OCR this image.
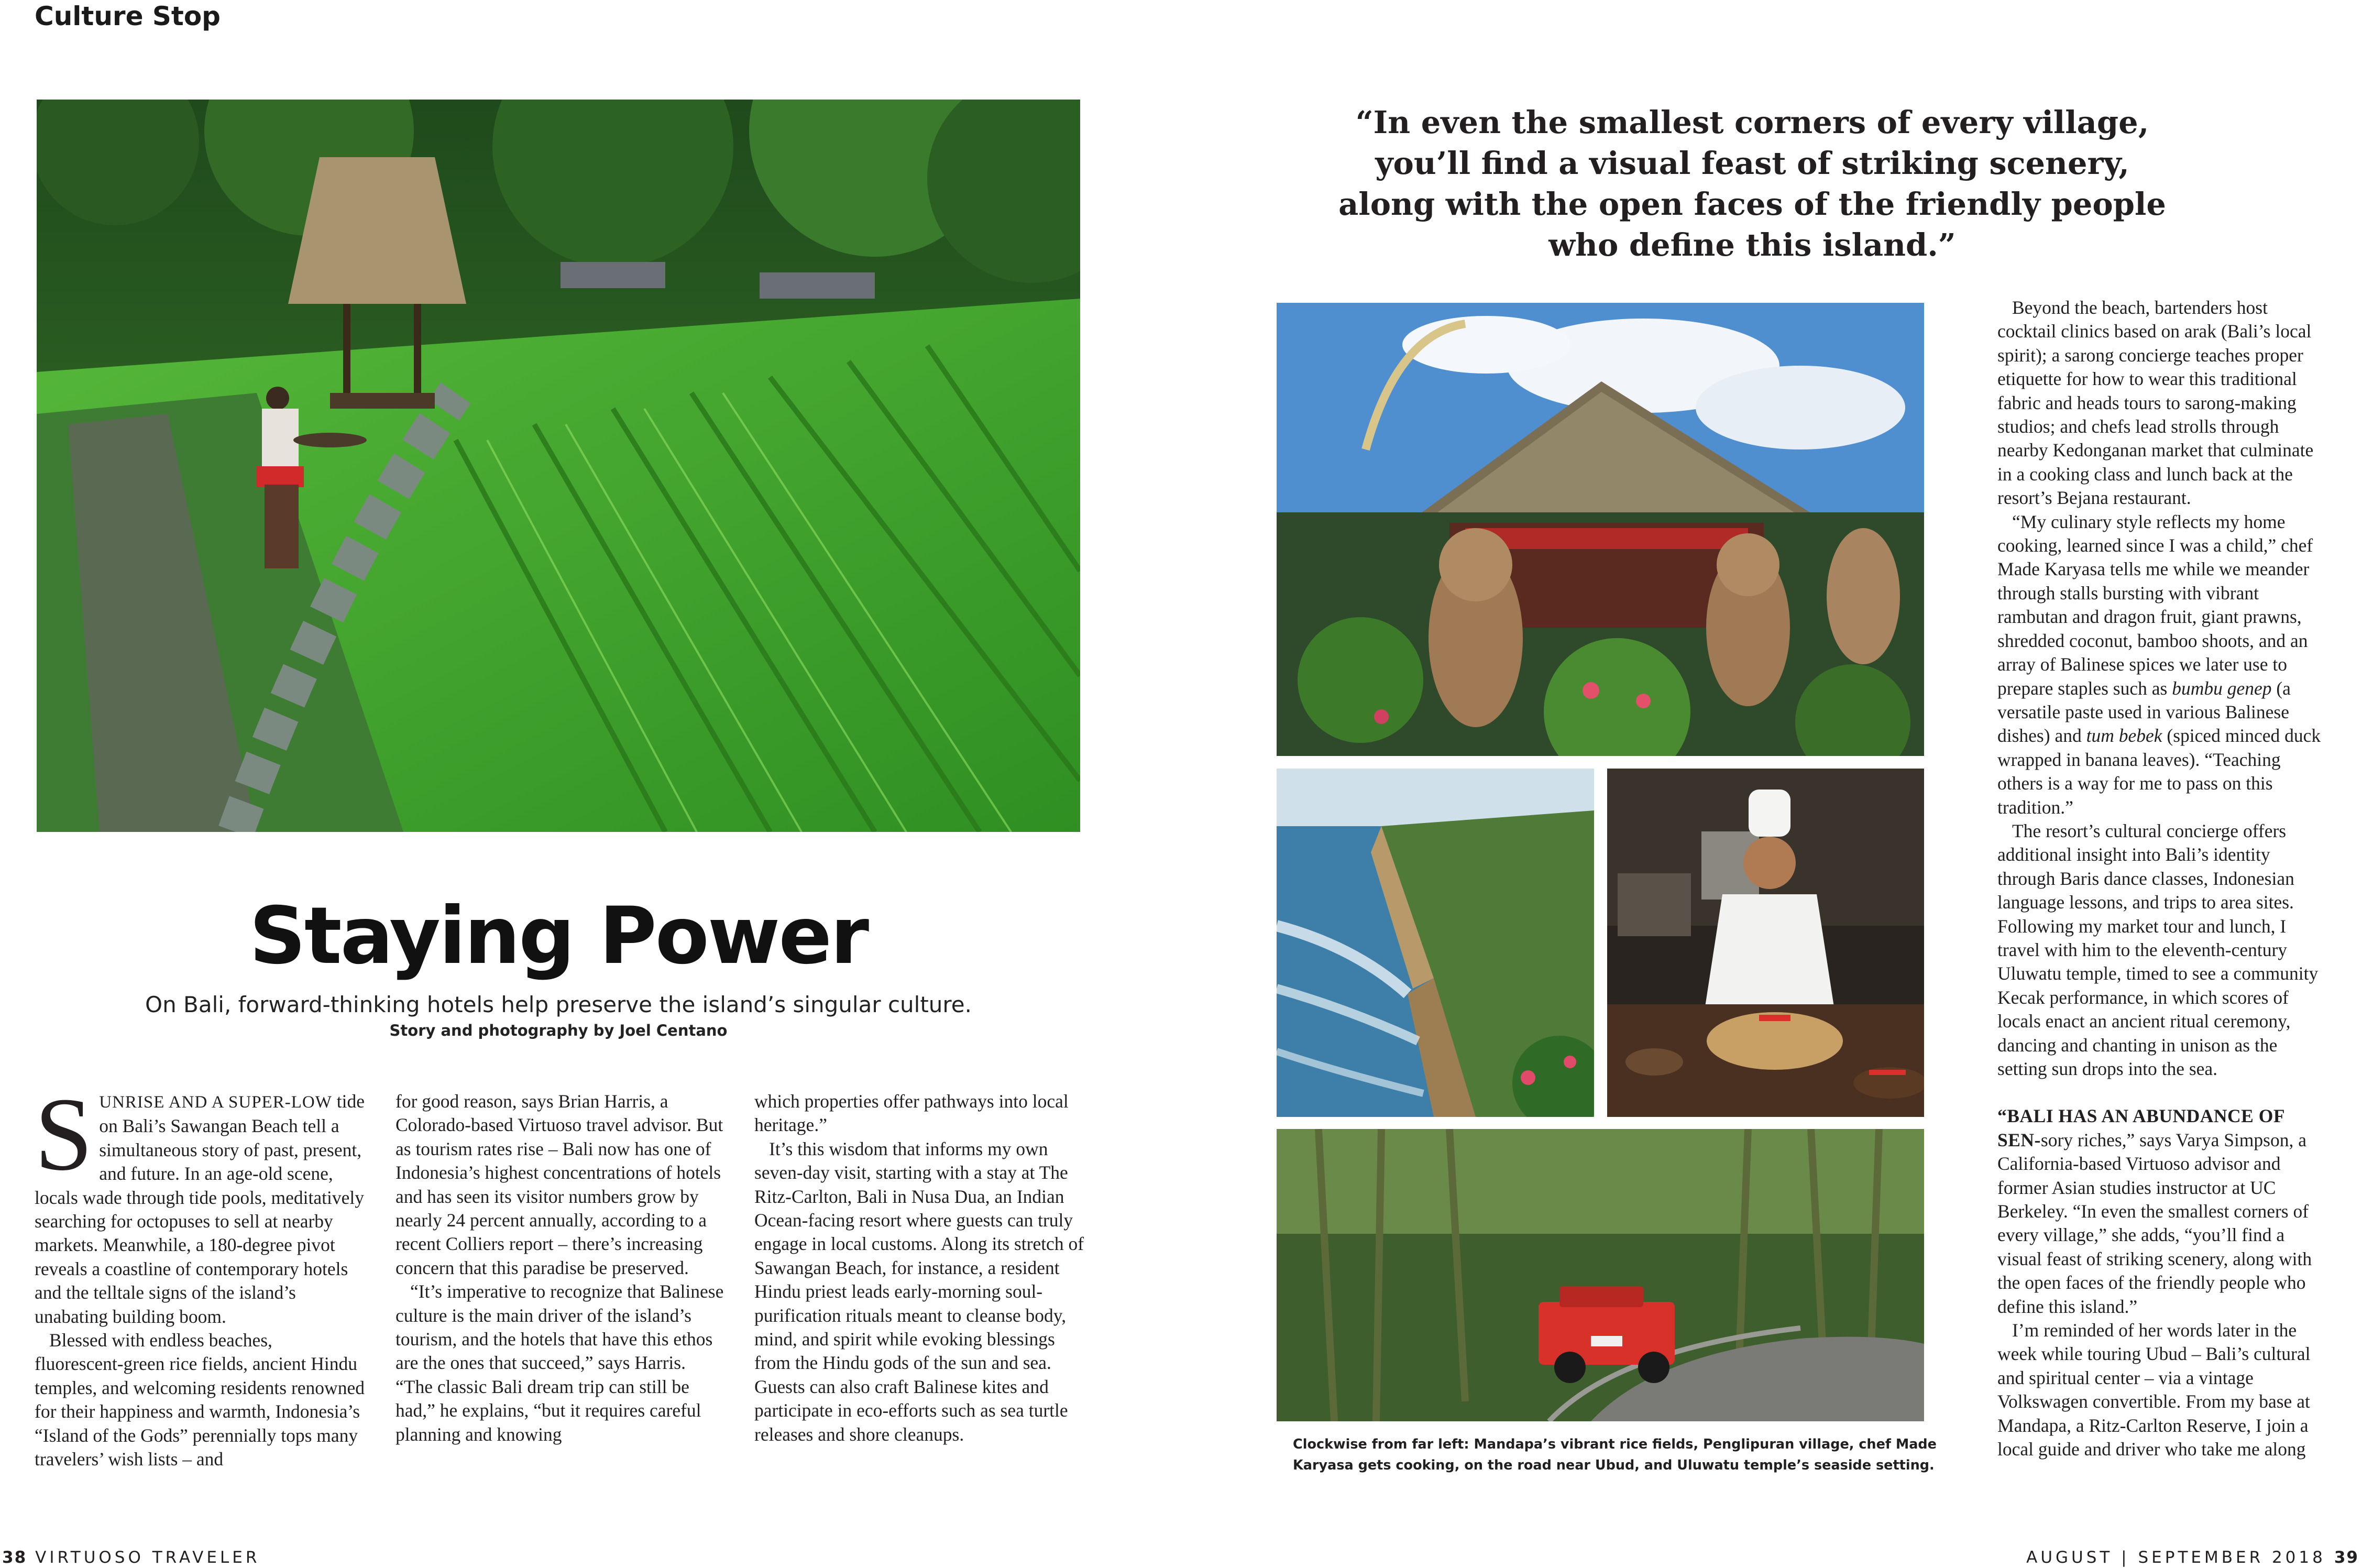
Culture Stop
Staying Power
On Bali, forward-thinking hotels help preserve the island’s singular culture.
Story and photography by Joel Centano

SUNRISE AND A SUPER-LOW tide on Bali’s Sawangan Beach tell a simultaneous story of past, present, and future. In an age-old scene, locals wade through tide pools, meditatively searching for octopuses to sell at nearby markets. Meanwhile, a 180-degree pivot reveals a coastline of contemporary hotels and the telltale signs of the island’s unabating building boom.

Blessed with endless beaches, fluorescent-green rice fields, ancient Hindu temples, and welcoming residents renowned for their happiness and warmth, Indonesia’s “Island of the Gods” perennially tops many travelers’ wish lists – and

for good reason, says Brian Harris, a Colorado-based Virtuoso travel advisor. But as tourism rates rise – Bali now has one of Indonesia’s highest concentrations of hotels and has seen its visitor numbers grow by nearly 24 percent annually, according to a recent Colliers report – there’s increasing concern that this paradise be preserved.

“It’s imperative to recognize that Balinese culture is the main driver of the island’s tourism, and the hotels that have this ethos are the ones that succeed,” says Harris. “The classic Bali dream trip can still be had,” he explains, “but it requires careful planning and knowing

which properties offer pathways into local heritage.”

It’s this wisdom that informs my own seven-day visit, starting with a stay at The Ritz-Carlton, Bali in Nusa Dua, an Indian Ocean-facing resort where guests can truly engage in local customs. Along its stretch of Sawangan Beach, for instance, a resident Hindu priest leads early-morning soul-purification rituals meant to cleanse body, mind, and spirit while evoking blessings from the Hindu gods of the sun and sea. Guests can also craft Balinese kites and participate in eco-efforts such as sea turtle releases and shore cleanups.

“In even the smallest corners of every village, you’ll find a visual feast of striking scenery, along with the open faces of the friendly people who define this island.”
Clockwise from far left: Mandapa’s vibrant rice fields, Penglipuran village, chef Made Karyasa gets cooking, on the road near Ubud, and Uluwatu temple’s seaside setting.

Beyond the beach, bartenders host cocktail clinics based on arak (Bali’s local spirit); a sarong concierge teaches proper etiquette for how to wear this traditional fabric and heads tours to sarong-making studios; and chefs lead strolls through nearby Kedonganan market that culminate in a cooking class and lunch back at the resort’s Bejana restaurant.

“My culinary style reflects my home cooking, learned since I was a child,” chef Made Karyasa tells me while we meander through stalls bursting with vibrant rambutan and dragon fruit, giant prawns, shredded coconut, bamboo shoots, and an array of Balinese spices we later use to prepare staples such as bumbu genep (a versatile paste used in various Balinese dishes) and tum bebek (spiced minced duck wrapped in banana leaves). “Teaching others is a way for me to pass on this tradition.”

The resort’s cultural concierge offers additional insight into Bali’s identity through Baris dance classes, Indonesian language lessons, and trips to area sites. Following my market tour and lunch, I travel with him to the eleventh-century Uluwatu temple, timed to see a community Kecak performance, in which scores of locals enact an ancient ritual ceremony, dancing and chanting in unison as the setting sun drops into the sea.

“BALI HAS AN ABUNDANCE OF SEN-sory riches,” says Varya Simpson, a California-based Virtuoso advisor and former Asian studies instructor at UC Berkeley. “In even the smallest corners of every village,” she adds, “you’ll find a visual feast of striking scenery, along with the open faces of the friendly people who define this island.”

I’m reminded of her words later in the week while touring Ubud – Bali’s cultural and spiritual center – via a vintage Volkswagen convertible. From my base at Mandapa, a Ritz-Carlton Reserve, I join a local guide and driver who take me along

38 VIRTUOSO TRAVELER	AUGUST | SEPTEMBER 2018 39
